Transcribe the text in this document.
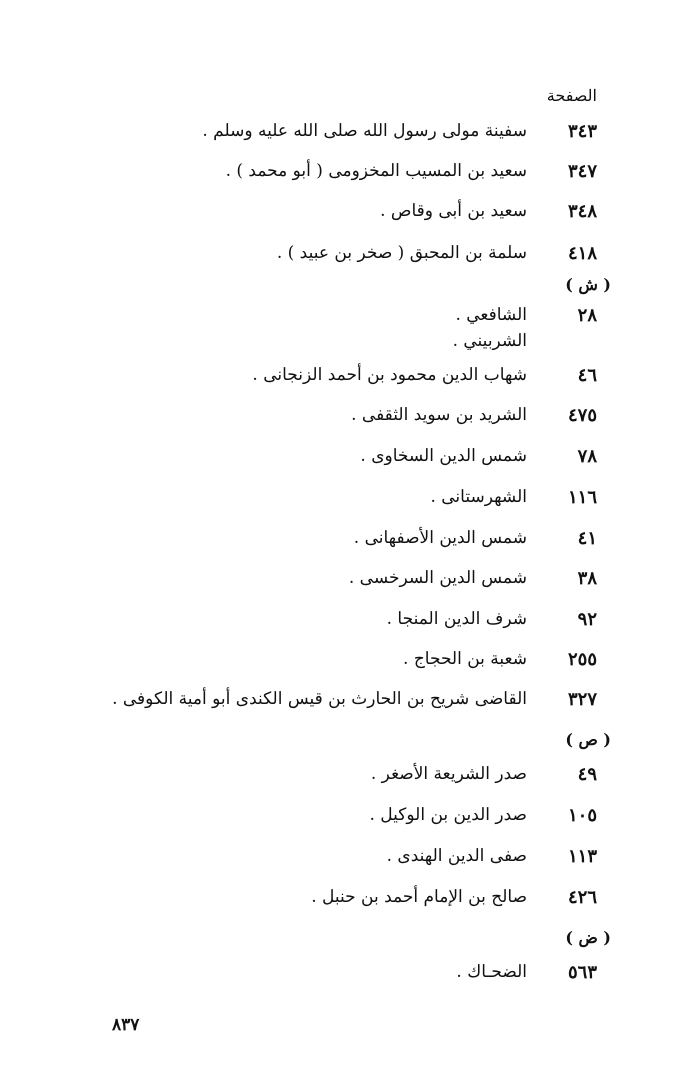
الصفحة
٣٤٣
سفينة مولى رسول الله صلى الله عليه وسلم .
٣٤٧
سعيد بن المسيب المخزومى ( أبو محمد ) .
٣٤٨
سعيد بن أبى وقاص .
٤١٨
سلمة بن المحبق ( صخر بن عبيد ) .
( ش )
٢٨
الشافعي .
الشربيني .
٤٦
شهاب الدين محمود بن أحمد الزنجانى .
٤٧٥
الشريد بن سويد الثقفى .
٧٨
شمس الدين السخاوى .
١١٦
الشهرستانى .
٤١
شمس الدين الأصفهانى .
٣٨
شمس الدين السرخسى .
٩٢
شرف الدين المنجا .
٢٥٥
شعبة بن الحجاج .
٣٢٧
القاضى شريح بن الحارث بن قيس الكندى أبو أمية الكوفى .
( ص )
٤٩
صدر الشريعة الأصغر .
١٠٥
صدر الدين بن الوكيل .
١١٣
صفى الدين الهندى .
٤٢٦
صالح بن الإمام أحمد بن حنبل .
( ض )
٥٦٣
الضحـاك .
٨٣٧
